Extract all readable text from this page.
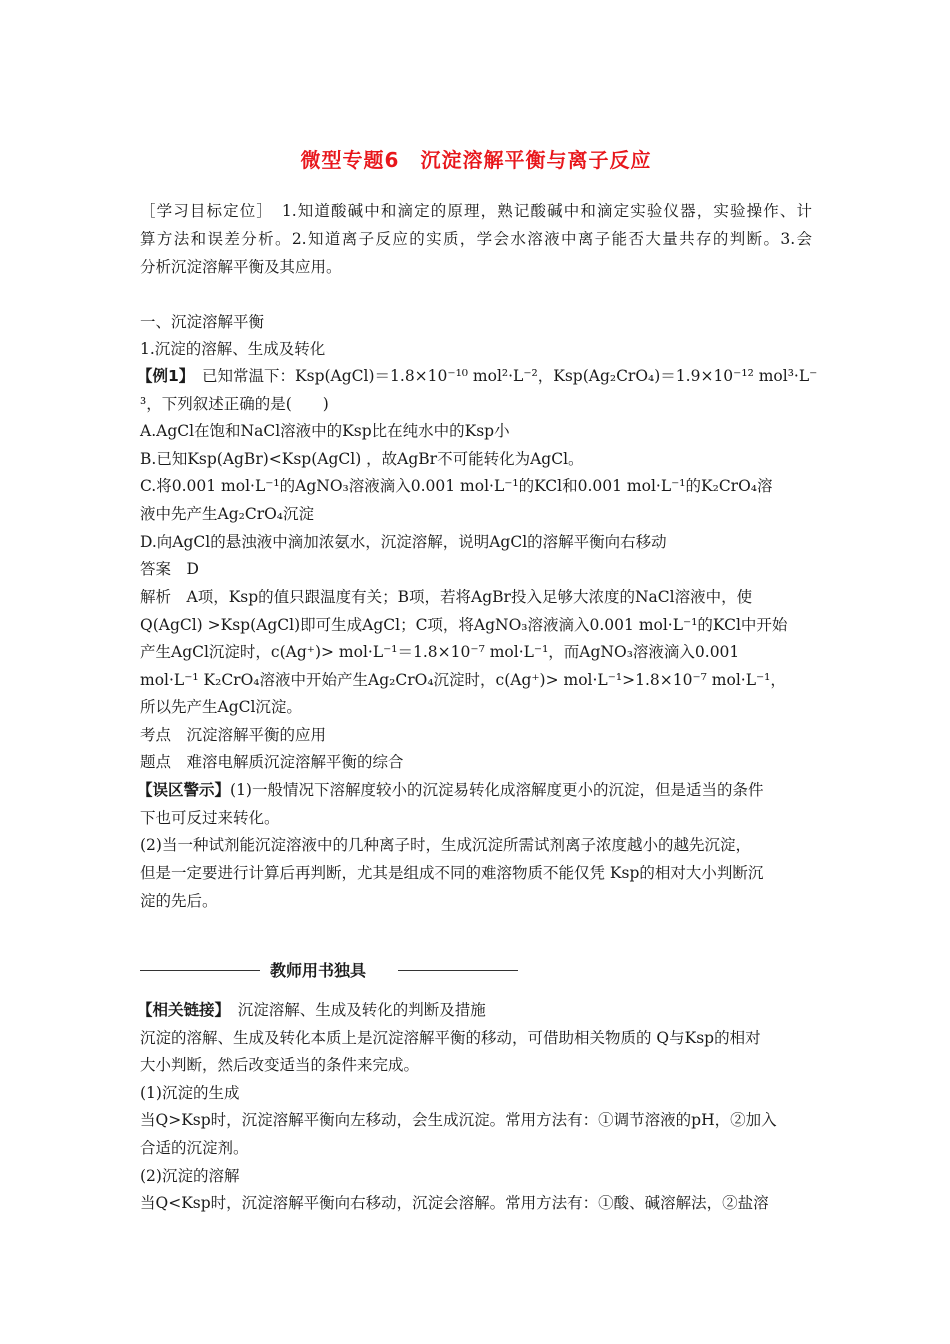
微型专题6　沉淀溶解平衡与离子反应
［学习目标定位］　1.知道酸碱中和滴定的原理，熟记酸碱中和滴定实验仪器，实验操作、计
算方法和误差分析。2.知道离子反应的实质，学会水溶液中离子能否大量共存的判断。3.会
分析沉淀溶解平衡及其应用。
一、沉淀溶解平衡
1.沉淀的溶解、生成及转化
【例1】　已知常温下：Ksp(AgCl)＝1.8×10⁻¹⁰ mol²·L⁻²，Ksp(Ag₂CrO₄)＝1.9×10⁻¹² mol³·L⁻
³，下列叙述正确的是(　　)
A.AgCl在饱和NaCl溶液中的Ksp比在纯水中的Ksp小
B.已知Ksp(AgBr)<Ksp(AgCl) ，故AgBr不可能转化为AgCl。
C.将0.001 mol·L⁻¹的AgNO₃溶液滴入0.001 mol·L⁻¹的KCl和0.001 mol·L⁻¹的K₂CrO₄溶
液中先产生Ag₂CrO₄沉淀
D.向AgCl的悬浊液中滴加浓氨水，沉淀溶解，说明AgCl的溶解平衡向右移动
答案　D
解析　A项，Ksp的值只跟温度有关；B项，若将AgBr投入足够大浓度的NaCl溶液中，使
Q(AgCl) >Ksp(AgCl)即可生成AgCl；C项，将AgNO₃溶液滴入0.001 mol·L⁻¹的KCl中开始
产生AgCl沉淀时，c(Ag⁺)> mol·L⁻¹＝1.8×10⁻⁷ mol·L⁻¹，而AgNO₃溶液滴入0.001
mol·L⁻¹ K₂CrO₄溶液中开始产生Ag₂CrO₄沉淀时，c(Ag⁺)> mol·L⁻¹>1.8×10⁻⁷ mol·L⁻¹，
所以先产生AgCl沉淀。
考点　沉淀溶解平衡的应用
题点　难溶电解质沉淀溶解平衡的综合
【误区警示】(1)一般情况下溶解度较小的沉淀易转化成溶解度更小的沉淀，但是适当的条件
下也可反过来转化。
(2)当一种试剂能沉淀溶液中的几种离子时，生成沉淀所需试剂离子浓度越小的越先沉淀，
但是一定要进行计算后再判断，尤其是组成不同的难溶物质不能仅凭 Ksp的相对大小判断沉
淀的先后。
教师用书独具
【相关链接】　沉淀溶解、生成及转化的判断及措施
沉淀的溶解、生成及转化本质上是沉淀溶解平衡的移动，可借助相关物质的 Q与Ksp的相对
大小判断，然后改变适当的条件来完成。
(1)沉淀的生成
当Q>Ksp时，沉淀溶解平衡向左移动，会生成沉淀。常用方法有：①调节溶液的pH，②加入
合适的沉淀剂。
(2)沉淀的溶解
当Q<Ksp时，沉淀溶解平衡向右移动，沉淀会溶解。常用方法有：①酸、碱溶解法，②盐溶
